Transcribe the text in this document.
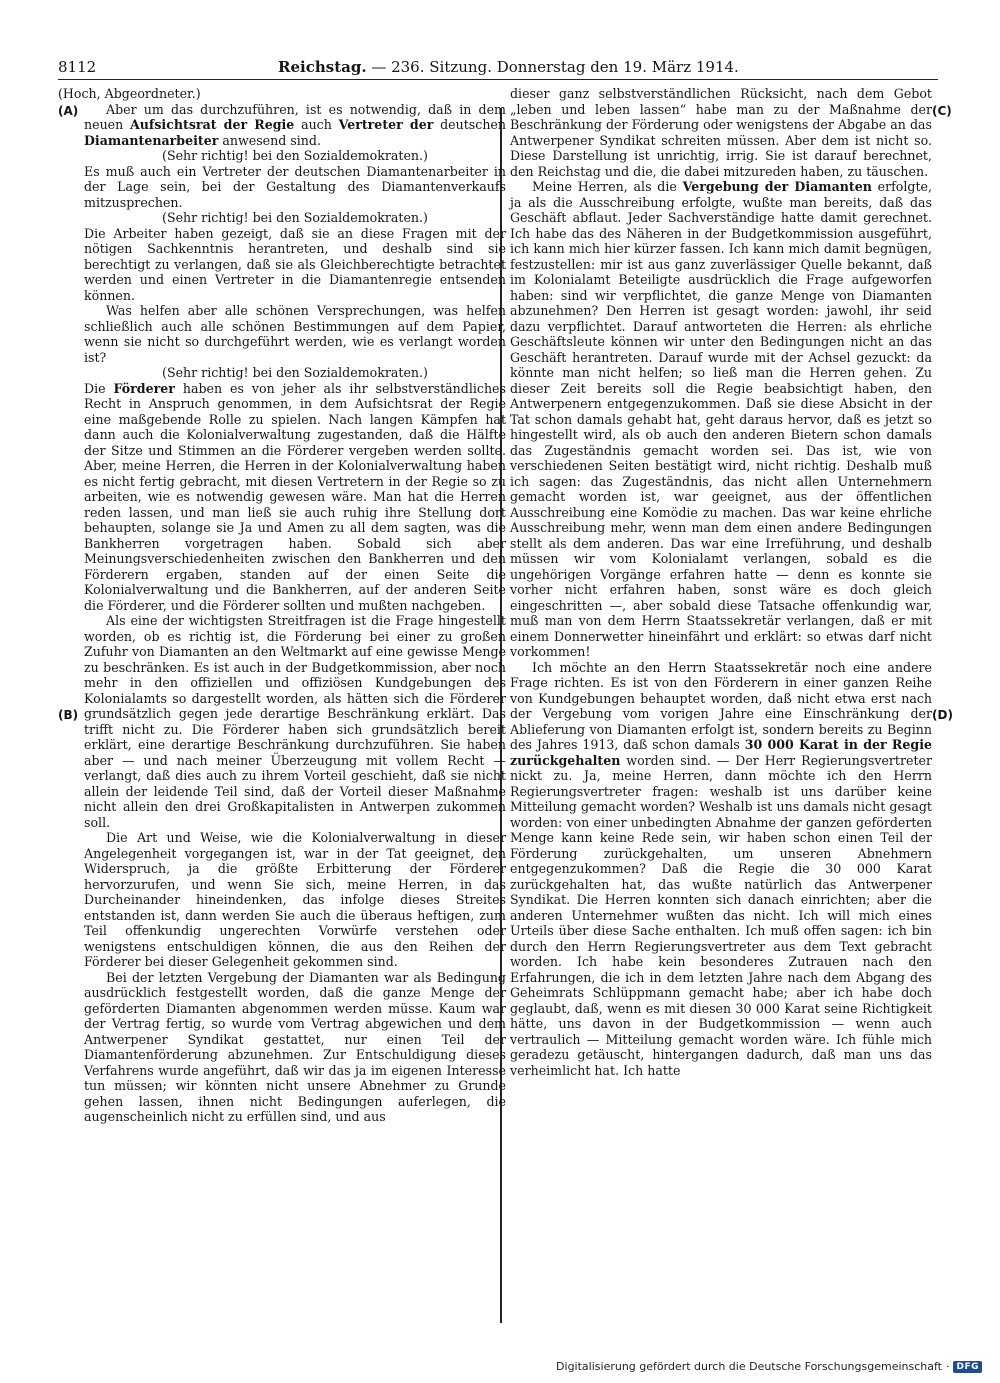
8112	Reichstag. — 236. Sitzung. Donnerstag den 19. März 1914.
(A)
(B)
(C)
(D)

(Hoch, Abgeordneter.)

Aber um das durchzuführen, ist es notwendig, daß in dem neuen Aufsichtsrat der Regie auch Vertreter der deutschen Diamantenarbeiter anwesend sind.

(Sehr richtig! bei den Sozialdemokraten.)

Es muß auch ein Vertreter der deutschen Diamantenarbeiter in der Lage sein, bei der Gestaltung des Diamantenverkaufs mitzusprechen.

(Sehr richtig! bei den Sozialdemokraten.)

Die Arbeiter haben gezeigt, daß sie an diese Fragen mit der nötigen Sachkenntnis herantreten, und deshalb sind sie berechtigt zu verlangen, daß sie als Gleichberechtigte betrachtet werden und einen Vertreter in die Diamantenregie entsenden können.

Was helfen aber alle schönen Versprechungen, was helfen schließlich auch alle schönen Bestimmungen auf dem Papier, wenn sie nicht so durchgeführt werden, wie es verlangt worden ist?

(Sehr richtig! bei den Sozialdemokraten.)

Die Förderer haben es von jeher als ihr selbstverständliches Recht in Anspruch genommen, in dem Aufsichtsrat der Regie eine maßgebende Rolle zu spielen. Nach langen Kämpfen hat dann auch die Kolonialverwaltung zugestanden, daß die Hälfte der Sitze und Stimmen an die Förderer vergeben werden sollte. Aber, meine Herren, die Herren in der Kolonialverwaltung haben es nicht fertig gebracht, mit diesen Vertretern in der Regie so zu arbeiten, wie es notwendig gewesen wäre. Man hat die Herren reden lassen, und man ließ sie auch ruhig ihre Stellung dort behaupten, solange sie Ja und Amen zu all dem sagten, was die Bankherren vorgetragen haben. Sobald sich aber Meinungsverschiedenheiten zwischen den Bankherren und den Förderern ergaben, standen auf der einen Seite die Kolonialverwaltung und die Bankherren, auf der anderen Seite die Förderer, und die Förderer sollten und mußten nachgeben.

Als eine der wichtigsten Streitfragen ist die Frage hingestellt worden, ob es richtig ist, die Förderung bei einer zu großen Zufuhr von Diamanten an den Weltmarkt auf eine gewisse Menge zu beschränken. Es ist auch in der Budgetkommission, aber noch mehr in den offiziellen und offiziösen Kundgebungen des Kolonialamts so dargestellt worden, als hätten sich die Förderer grundsätzlich gegen jede derartige Beschränkung erklärt. Das trifft nicht zu. Die Förderer haben sich grundsätzlich bereit erklärt, eine derartige Beschränkung durchzuführen. Sie haben aber — und nach meiner Überzeugung mit vollem Recht — verlangt, daß dies auch zu ihrem Vorteil geschieht, daß sie nicht allein der leidende Teil sind, daß der Vorteil dieser Maßnahme nicht allein den drei Großkapitalisten in Antwerpen zukommen soll.

Die Art und Weise, wie die Kolonialverwaltung in dieser Angelegenheit vorgegangen ist, war in der Tat geeignet, den Widerspruch, ja die größte Erbitterung der Förderer hervorzurufen, und wenn Sie sich, meine Herren, in das Durcheinander hineindenken, das infolge dieses Streites entstanden ist, dann werden Sie auch die überaus heftigen, zum Teil offenkundig ungerechten Vorwürfe verstehen oder wenigstens entschuldigen können, die aus den Reihen der Förderer bei dieser Gelegenheit gekommen sind.

Bei der letzten Vergebung der Diamanten war als Bedingung ausdrücklich festgestellt worden, daß die ganze Menge der geförderten Diamanten abgenommen werden müsse. Kaum war der Vertrag fertig, so wurde vom Vertrag abgewichen und dem Antwerpener Syndikat gestattet, nur einen Teil der Diamantenförderung abzunehmen. Zur Entschuldigung dieses Verfahrens wurde angeführt, daß wir das ja im eigenen Interesse tun müssen; wir könnten nicht unsere Abnehmer zu Grunde gehen lassen, ihnen nicht Bedingungen auferlegen, die augenscheinlich nicht zu erfüllen sind, und aus

dieser ganz selbstverständlichen Rücksicht, nach dem Gebot „leben und leben lassen“ habe man zu der Maßnahme der Beschränkung der Förderung oder wenigstens der Abgabe an das Antwerpener Syndikat schreiten müssen. Aber dem ist nicht so. Diese Darstellung ist unrichtig, irrig. Sie ist darauf berechnet, den Reichstag und die, die dabei mitzureden haben, zu täuschen.

Meine Herren, als die Vergebung der Diamanten erfolgte, ja als die Ausschreibung erfolgte, wußte man bereits, daß das Geschäft abflaut. Jeder Sachverständige hatte damit gerechnet. Ich habe das des Näheren in der Budgetkommission ausgeführt, ich kann mich hier kürzer fassen. Ich kann mich damit begnügen, festzustellen: mir ist aus ganz zuverlässiger Quelle bekannt, daß im Kolonialamt Beteiligte ausdrücklich die Frage aufgeworfen haben: sind wir verpflichtet, die ganze Menge von Diamanten abzunehmen? Den Herren ist gesagt worden: jawohl, ihr seid dazu verpflichtet. Darauf antworteten die Herren: als ehrliche Geschäftsleute können wir unter den Bedingungen nicht an das Geschäft herantreten. Darauf wurde mit der Achsel gezuckt: da könnte man nicht helfen; so ließ man die Herren gehen. Zu dieser Zeit bereits soll die Regie beabsichtigt haben, den Antwerpenern entgegenzukommen. Daß sie diese Absicht in der Tat schon damals gehabt hat, geht daraus hervor, daß es jetzt so hingestellt wird, als ob auch den anderen Bietern schon damals das Zugeständnis gemacht worden sei. Das ist, wie von verschiedenen Seiten bestätigt wird, nicht richtig. Deshalb muß ich sagen: das Zugeständnis, das nicht allen Unternehmern gemacht worden ist, war geeignet, aus der öffentlichen Ausschreibung eine Komödie zu machen. Das war keine ehrliche Ausschreibung mehr, wenn man dem einen andere Bedingungen stellt als dem anderen. Das war eine Irreführung, und deshalb müssen wir vom Kolonialamt verlangen, sobald es die ungehörigen Vorgänge erfahren hatte — denn es konnte sie vorher nicht erfahren haben, sonst wäre es doch gleich eingeschritten —, aber sobald diese Tatsache offenkundig war, muß man von dem Herrn Staatssekretär verlangen, daß er mit einem Donnerwetter hineinfährt und erklärt: so etwas darf nicht vorkommen!

Ich möchte an den Herrn Staatssekretär noch eine andere Frage richten. Es ist von den Förderern in einer ganzen Reihe von Kundgebungen behauptet worden, daß nicht etwa erst nach der Vergebung vom vorigen Jahre eine Einschränkung der Ablieferung von Diamanten erfolgt ist, sondern bereits zu Beginn des Jahres 1913, daß schon damals 30 000 Karat in der Regie zurückgehalten worden sind. — Der Herr Regierungsvertreter nickt zu. Ja, meine Herren, dann möchte ich den Herrn Regierungsvertreter fragen: weshalb ist uns darüber keine Mitteilung gemacht worden? Weshalb ist uns damals nicht gesagt worden: von einer unbedingten Abnahme der ganzen geförderten Menge kann keine Rede sein, wir haben schon einen Teil der Förderung zurückgehalten, um unseren Abnehmern entgegenzukommen? Daß die Regie die 30 000 Karat zurückgehalten hat, das wußte natürlich das Antwerpener Syndikat. Die Herren konnten sich danach einrichten; aber die anderen Unternehmer wußten das nicht. Ich will mich eines Urteils über diese Sache enthalten. Ich muß offen sagen: ich bin durch den Herrn Regierungsvertreter aus dem Text gebracht worden. Ich habe kein besonderes Zutrauen nach den Erfahrungen, die ich in dem letzten Jahre nach dem Abgang des Geheimrats Schlüppmann gemacht habe; aber ich habe doch geglaubt, daß, wenn es mit diesen 30 000 Karat seine Richtigkeit hätte, uns davon in der Budgetkommission — wenn auch vertraulich — Mitteilung gemacht worden wäre. Ich fühle mich geradezu getäuscht, hintergangen dadurch, daß man uns das verheimlicht hat. Ich hatte

Digitalisierung gefördert durch die Deutsche Forschungsgemeinschaft · DFG
